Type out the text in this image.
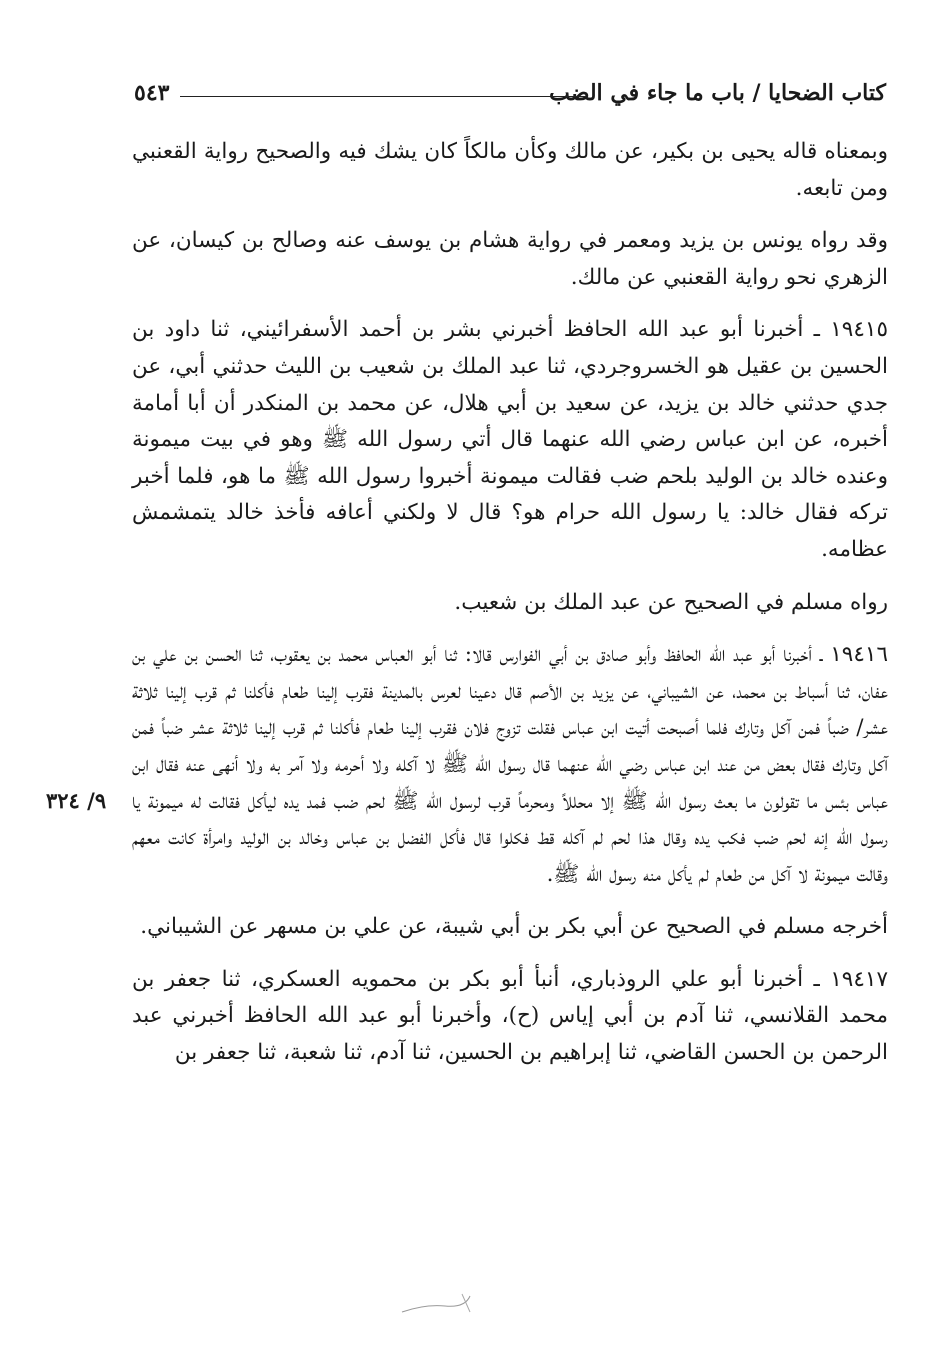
كتاب الضحايا / باب ما جاء في الضب
٥٤٣

وبمعناه قاله يحيى بن بكير، عن مالك وكأن مالكاً كان يشك فيه والصحيح رواية القعنبي ومن تابعه.

وقد رواه يونس بن يزيد ومعمر في رواية هشام بن يوسف عنه وصالح بن كيسان، عن الزهري نحو رواية القعنبي عن مالك.

١٩٤١٥ ـ أخبرنا أبو عبد الله الحافظ أخبرني بشر بن أحمد الأسفرائيني، ثنا داود بن الحسين بن عقيل هو الخسروجردي، ثنا عبد الملك بن شعيب بن الليث حدثني أبي، عن جدي حدثني خالد بن يزيد، عن سعيد بن أبي هلال، عن محمد بن المنكدر أن أبا أمامة أخبره، عن ابن عباس رضي الله عنهما قال أتي رسول الله ﷺ وهو في بيت ميمونة وعنده خالد بن الوليد بلحم ضب فقالت ميمونة أخبروا رسول الله ﷺ ما هو، فلما أخبر تركه فقال خالد: يا رسول الله حرام هو؟ قال لا ولكني أعافه فأخذ خالد يتمشمش عظامه.

رواه مسلم في الصحيح عن عبد الملك بن شعيب.

١٩٤١٦ ـ أخبرنا أبو عبد الله الحافظ وأبو صادق بن أبي الفوارس قالا: ثنا أبو العباس محمد بن يعقوب، ثنا الحسن بن علي بن عفان، ثنا أسباط بن محمد، عن الشيباني، عن يزيد بن الأصم قال دعينا لعرس بالمدينة فقرب إلينا طعام فأكلنا ثم قرب إلينا ثلاثة عشر/ ضباً فمن آكل وتارك فلما أصبحت أتيت ابن عباس فقلت تزوج فلان فقرب إلينا طعام فأكلنا ثم قرب إلينا ثلاثة عشر ضباً فمن آكل وتارك فقال بعض من عند ابن عباس رضي الله عنهما قال رسول الله ﷺ لا آكله ولا أحرمه ولا آمر به ولا أنهى عنه فقال ابن عباس بئس ما تقولون ما بعث رسول الله ﷺ إلا محللاً ومحرماً قرب لرسول الله ﷺ لحم ضب فمد يده ليأكل فقالت له ميمونة يا رسول الله إنه لحم ضب فكب يده وقال هذا لحم لم آكله قط فكلوا قال فأكل الفضل بن عباس وخالد بن الوليد وامرأة كانت معهم وقالت ميمونة لا آكل من طعام لم يأكل منه رسول الله ﷺ.

أخرجه مسلم في الصحيح عن أبي بكر بن أبي شيبة، عن علي بن مسهر عن الشيباني.

١٩٤١٧ ـ أخبرنا أبو علي الروذباري، أنبأ أبو بكر بن محمويه العسكري، ثنا جعفر بن محمد القلانسي، ثنا آدم بن أبي إياس (ح)، وأخبرنا أبو عبد الله الحافظ أخبرني عبد الرحمن بن الحسن القاضي، ثنا إبراهيم بن الحسين، ثنا آدم، ثنا شعبة، ثنا جعفر بن

٩/ ٣٢٤
